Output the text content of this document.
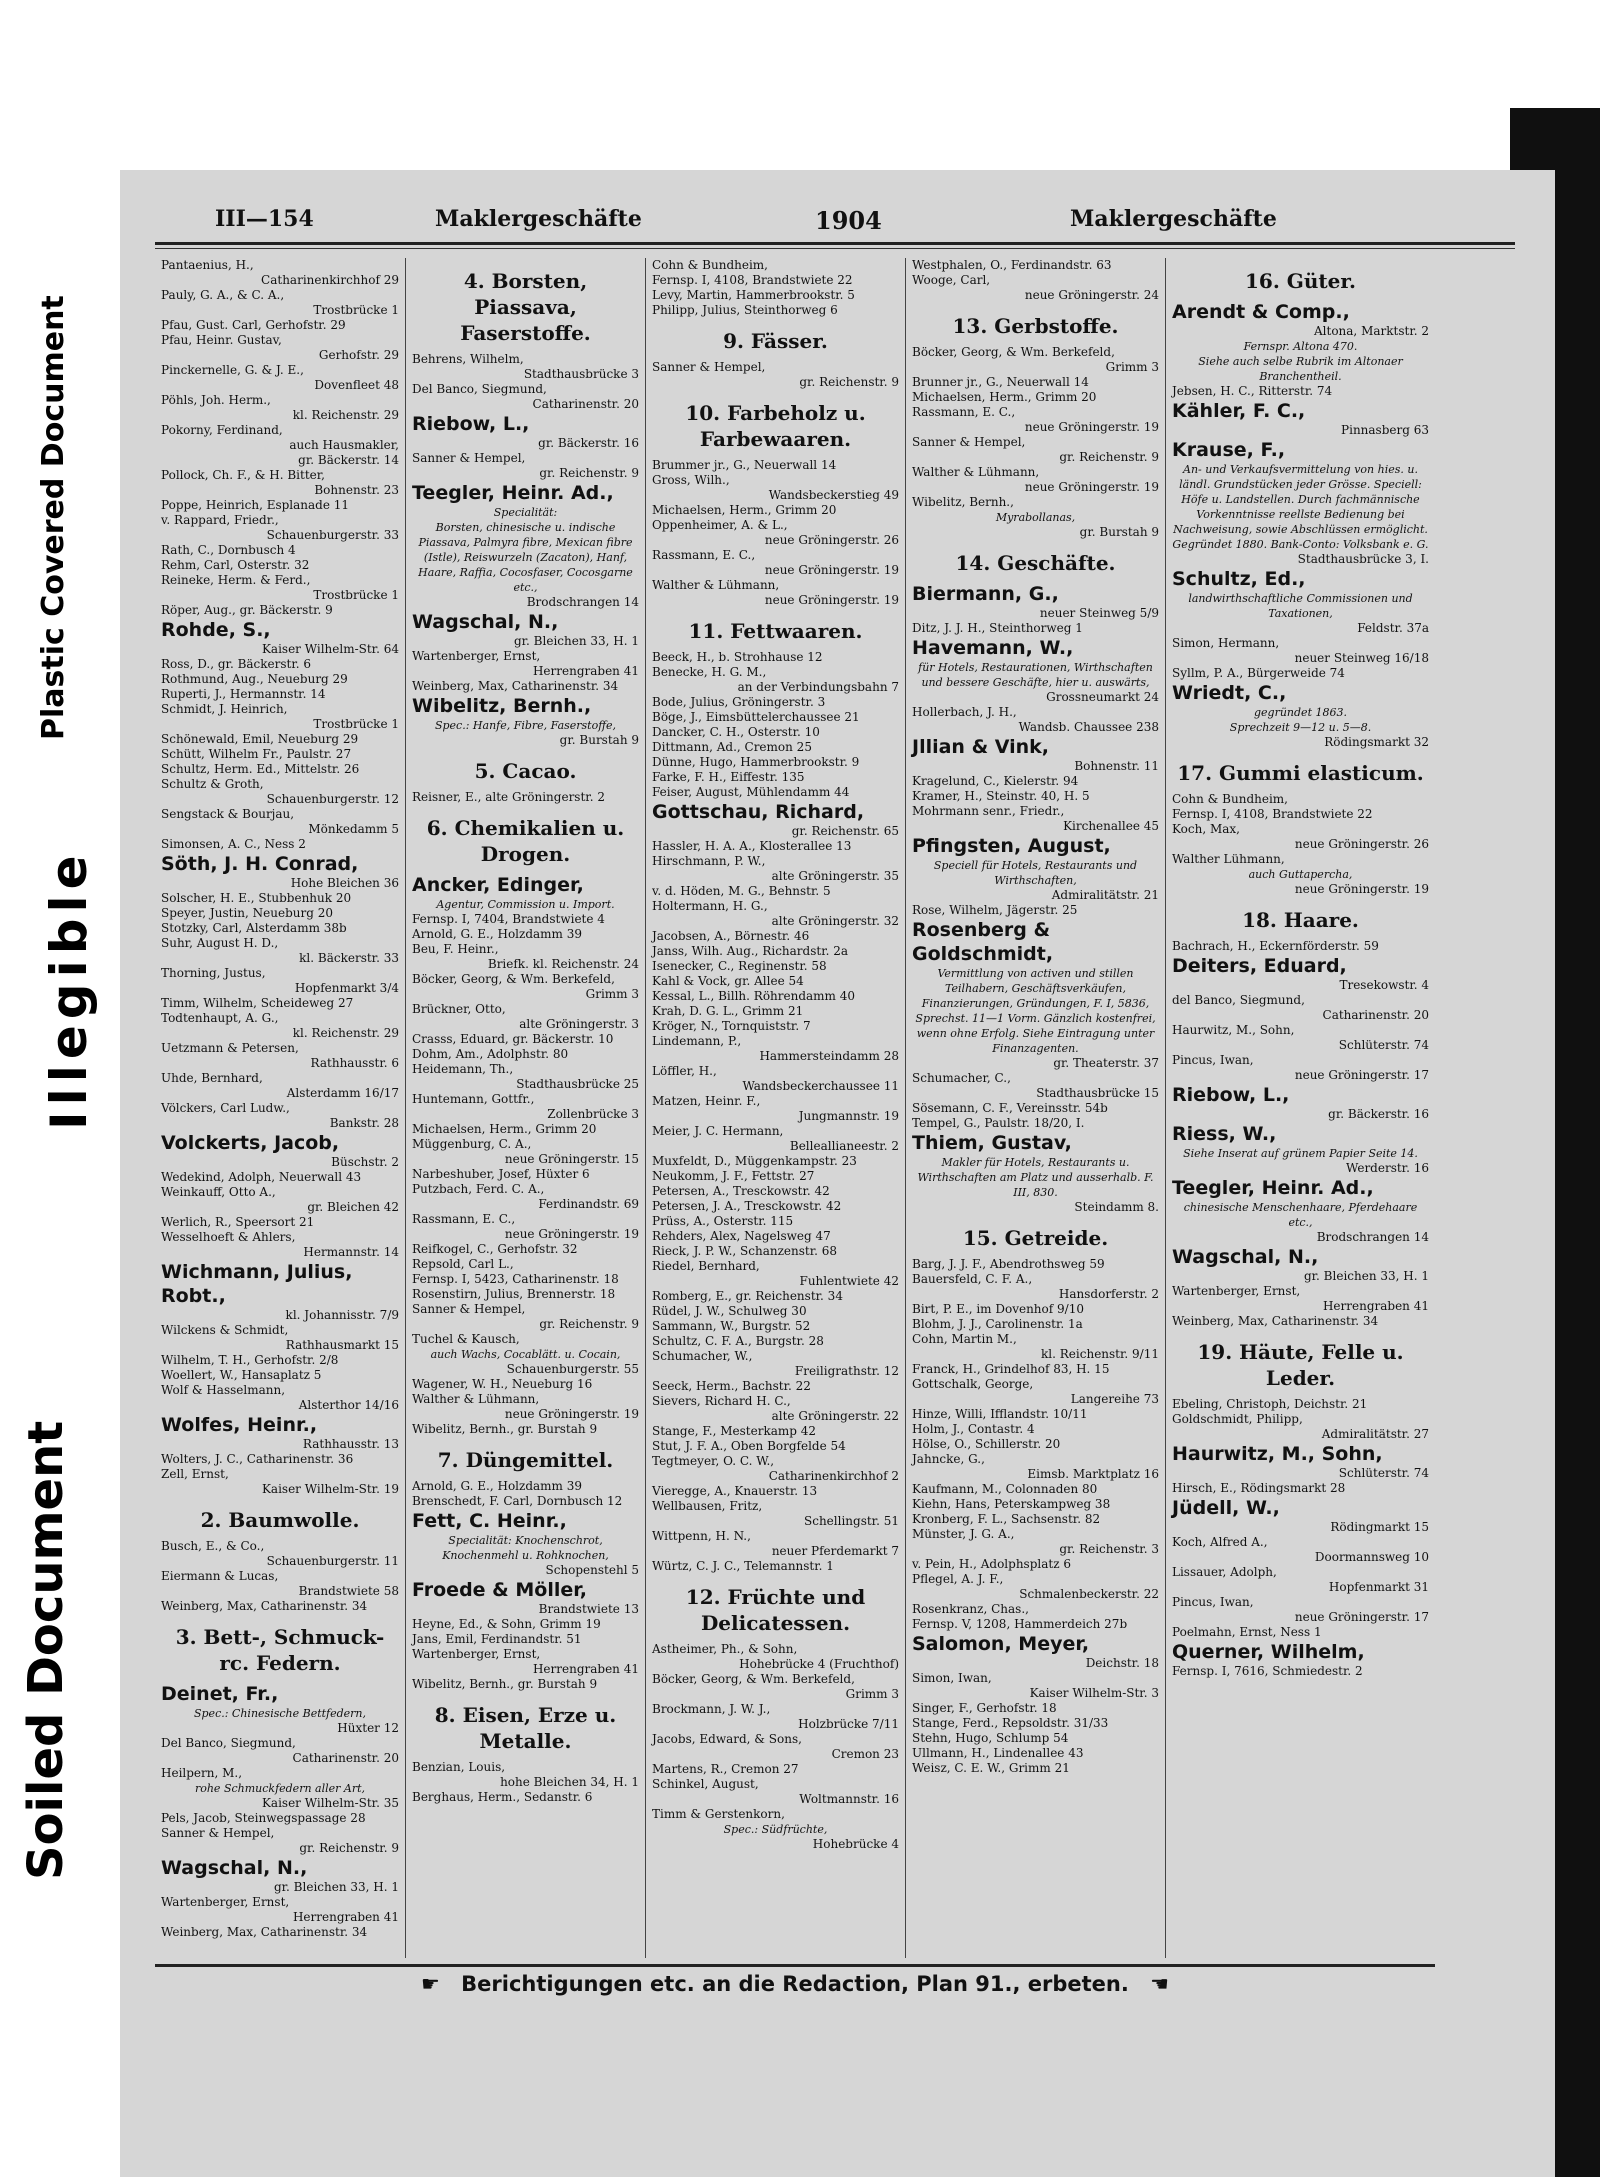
Illegible
Plastic Covered Document
Soiled Document
III—154	Maklergeschäfte	1904	Maklergeschäfte
Pantaenius, H.,
Catharinenkirchhof 29
Pauly, G. A., & C. A.,
Trostbrücke 1
Pfau, Gust. Carl, Gerhofstr. 29
Pfau, Heinr. Gustav,
Gerhofstr. 29
Pinckernelle, G. & J. E.,
Dovenfleet 48
Pöhls, Joh. Herm.,
kl. Reichenstr. 29
Pokorny, Ferdinand,
auch Hausmakler,
gr. Bäckerstr. 14
Pollock, Ch. F., & H. Bitter,
Bohnenstr. 23
Poppe, Heinrich, Esplanade 11
v. Rappard, Friedr.,
Schauenburgerstr. 33
Rath, C., Dornbusch 4
Rehm, Carl, Osterstr. 32
Reineke, Herm. & Ferd.,
Trostbrücke 1
Röper, Aug., gr. Bäckerstr. 9
Rohde, S.,
Kaiser Wilhelm-Str. 64
Ross, D., gr. Bäckerstr. 6
Rothmund, Aug., Neueburg 29
Ruperti, J., Hermannstr. 14
Schmidt, J. Heinrich,
Trostbrücke 1
Schönewald, Emil, Neueburg 29
Schütt, Wilhelm Fr., Paulstr. 27
Schultz, Herm. Ed., Mittelstr. 26
Schultz & Groth,
Schauenburgerstr. 12
Sengstack & Bourjau,
Mönkedamm 5
Simonsen, A. C., Ness 2
Söth, J. H. Conrad,
Hohe Bleichen 36
Solscher, H. E., Stubbenhuk 20
Speyer, Justin, Neueburg 20
Stotzky, Carl, Alsterdamm 38b
Suhr, August H. D.,
kl. Bäckerstr. 33
Thorning, Justus,
Hopfenmarkt 3/4
Timm, Wilhelm, Scheideweg 27
Todtenhaupt, A. G.,
kl. Reichenstr. 29
Uetzmann & Petersen,
Rathhausstr. 6
Uhde, Bernhard,
Alsterdamm 16/17
Völckers, Carl Ludw.,
Bankstr. 28
Volckerts, Jacob,
Büschstr. 2
Wedekind, Adolph, Neuerwall 43
Weinkauff, Otto A.,
gr. Bleichen 42
Werlich, R., Speersort 21
Wesselhoeft & Ahlers,
Hermannstr. 14
Wichmann, Julius,
Robt.,
kl. Johannisstr. 7/9
Wilckens & Schmidt,
Rathhausmarkt 15
Wilhelm, T. H., Gerhofstr. 2/8
Woellert, W., Hansaplatz 5
Wolf & Hasselmann,
Alsterthor 14/16
Wolfes, Heinr.,
Rathhausstr. 13
Wolters, J. C., Catharinenstr. 36
Zell, Ernst,
Kaiser Wilhelm-Str. 19
2. Baumwolle.
Busch, E., & Co.,
Schauenburgerstr. 11
Eiermann & Lucas,
Brandstwiete 58
Weinberg, Max, Catharinenstr. 34
3. Bett-, Schmuck- rc. Federn.
Deinet, Fr.,
Spec.: Chinesische Bettfedern,
Hüxter 12
Del Banco, Siegmund,
Catharinenstr. 20
Heilpern, M.,
rohe Schmuckfedern aller Art,
Kaiser Wilhelm-Str. 35
Pels, Jacob, Steinwegspassage 28
Sanner & Hempel,
gr. Reichenstr. 9
Wagschal, N.,
gr. Bleichen 33, H. 1
Wartenberger, Ernst,
Herrengraben 41
Weinberg, Max, Catharinenstr. 34
4. Borsten, Piassava, Faserstoffe.
Behrens, Wilhelm,
Stadthausbrücke 3
Del Banco, Siegmund,
Catharinenstr. 20
Riebow, L.,
gr. Bäckerstr. 16
Sanner & Hempel,
gr. Reichenstr. 9
Teegler, Heinr. Ad.,
Specialität:
Borsten, chinesische u. indische Piassava, Palmyra fibre, Mexican fibre (Istle), Reiswurzeln (Zacaton), Hanf, Haare, Raffia, Cocosfaser, Cocosgarne etc.,
Brodschrangen 14
Wagschal, N.,
gr. Bleichen 33, H. 1
Wartenberger, Ernst,
Herrengraben 41
Weinberg, Max, Catharinenstr. 34
Wibelitz, Bernh.,
Spec.: Hanfe, Fibre, Faserstoffe,
gr. Burstah 9
5. Cacao.
Reisner, E., alte Gröningerstr. 2
6. Chemikalien u. Drogen.
Ancker, Edinger,
Agentur, Commission u. Import.
Fernsp. I, 7404, Brandstwiete 4
Arnold, G. E., Holzdamm 39
Beu, F. Heinr.,
Briefk. kl. Reichenstr. 24
Böcker, Georg, & Wm. Berkefeld,
Grimm 3
Brückner, Otto,
alte Gröningerstr. 3
Crasss, Eduard, gr. Bäckerstr. 10
Dohm, Am., Adolphstr. 80
Heidemann, Th.,
Stadthausbrücke 25
Huntemann, Gottfr.,
Zollenbrücke 3
Michaelsen, Herm., Grimm 20
Müggenburg, C. A.,
neue Gröningerstr. 15
Narbeshuber, Josef, Hüxter 6
Putzbach, Ferd. C. A.,
Ferdinandstr. 69
Rassmann, E. C.,
neue Gröningerstr. 19
Reifkogel, C., Gerhofstr. 32
Repsold, Carl L.,
Fernsp. I, 5423, Catharinenstr. 18
Rosenstirn, Julius, Brennerstr. 18
Sanner & Hempel,
gr. Reichenstr. 9
Tuchel & Kausch,
auch Wachs, Cocablätt. u. Cocain,
Schauenburgerstr. 55
Wagener, W. H., Neueburg 16
Walther & Lühmann,
neue Gröningerstr. 19
Wibelitz, Bernh., gr. Burstah 9
7. Düngemittel.
Arnold, G. E., Holzdamm 39
Brenschedt, F. Carl, Dornbusch 12
Fett, C. Heinr.,
Specialität: Knochenschrot, Knochenmehl u. Rohknochen,
Schopenstehl 5
Froede & Möller,
Brandstwiete 13
Heyne, Ed., & Sohn, Grimm 19
Jans, Emil, Ferdinandstr. 51
Wartenberger, Ernst,
Herrengraben 41
Wibelitz, Bernh., gr. Burstah 9
8. Eisen, Erze u. Metalle.
Benzian, Louis,
hohe Bleichen 34, H. 1
Berghaus, Herm., Sedanstr. 6
Cohn & Bundheim,
Fernsp. I, 4108, Brandstwiete 22
Levy, Martin, Hammerbrookstr. 5
Philipp, Julius, Steinthorweg 6
9. Fässer.
Sanner & Hempel,
gr. Reichenstr. 9
10. Farbeholz u. Farbewaaren.
Brummer jr., G., Neuerwall 14
Gross, Wilh.,
Wandsbeckerstieg 49
Michaelsen, Herm., Grimm 20
Oppenheimer, A. & L.,
neue Gröningerstr. 26
Rassmann, E. C.,
neue Gröningerstr. 19
Walther & Lühmann,
neue Gröningerstr. 19
11. Fettwaaren.
Beeck, H., b. Strohhause 12
Benecke, H. G. M.,
an der Verbindungsbahn 7
Bode, Julius, Gröningerstr. 3
Böge, J., Eimsbüttelerchaussee 21
Dancker, C. H., Osterstr. 10
Dittmann, Ad., Cremon 25
Dünne, Hugo, Hammerbrookstr. 9
Farke, F. H., Eiffestr. 135
Feiser, August, Mühlendamm 44
Gottschau, Richard,
gr. Reichenstr. 65
Hassler, H. A. A., Klosterallee 13
Hirschmann, P. W.,
alte Gröningerstr. 35
v. d. Höden, M. G., Behnstr. 5
Holtermann, H. G.,
alte Gröningerstr. 32
Jacobsen, A., Börnestr. 46
Janss, Wilh. Aug., Richardstr. 2a
Isenecker, C., Reginenstr. 58
Kahl & Vock, gr. Allee 54
Kessal, L., Billh. Röhrendamm 40
Krah, D. G. L., Grimm 21
Kröger, N., Tornquiststr. 7
Lindemann, P.,
Hammersteindamm 28
Löffler, H.,
Wandsbeckerchaussee 11
Matzen, Heinr. F.,
Jungmannstr. 19
Meier, J. C. Hermann,
Belleallianeestr. 2
Muxfeldt, D., Müggenkampstr. 23
Neukomm, J. F., Fettstr. 27
Petersen, A., Tresckowstr. 42
Petersen, J. A., Tresckowstr. 42
Prüss, A., Osterstr. 115
Rehders, Alex, Nagelsweg 47
Rieck, J. P. W., Schanzenstr. 68
Riedel, Bernhard,
Fuhlentwiete 42
Romberg, E., gr. Reichenstr. 34
Rüdel, J. W., Schulweg 30
Sammann, W., Burgstr. 52
Schultz, C. F. A., Burgstr. 28
Schumacher, W.,
Freiligrathstr. 12
Seeck, Herm., Bachstr. 22
Sievers, Richard H. C.,
alte Gröningerstr. 22
Stange, F., Mesterkamp 42
Stut, J. F. A., Oben Borgfelde 54
Tegtmeyer, O. C. W.,
Catharinenkirchhof 2
Vieregge, A., Knauerstr. 13
Wellbausen, Fritz,
Schellingstr. 51
Wittpenn, H. N.,
neuer Pferdemarkt 7
Würtz, C. J. C., Telemannstr. 1
12. Früchte und Delicatessen.
Astheimer, Ph., & Sohn,
Hohebrücke 4 (Fruchthof)
Böcker, Georg, & Wm. Berkefeld,
Grimm 3
Brockmann, J. W. J.,
Holzbrücke 7/11
Jacobs, Edward, & Sons,
Cremon 23
Martens, R., Cremon 27
Schinkel, August,
Woltmannstr. 16
Timm & Gerstenkorn,
Spec.: Südfrüchte,
Hohebrücke 4
Westphalen, O., Ferdinandstr. 63
Wooge, Carl,
neue Gröningerstr. 24
13. Gerbstoffe.
Böcker, Georg, & Wm. Berkefeld,
Grimm 3
Brunner jr., G., Neuerwall 14
Michaelsen, Herm., Grimm 20
Rassmann, E. C.,
neue Gröningerstr. 19
Sanner & Hempel,
gr. Reichenstr. 9
Walther & Lühmann,
neue Gröningerstr. 19
Wibelitz, Bernh.,
Myrabollanas,
gr. Burstah 9
14. Geschäfte.
Biermann, G.,
neuer Steinweg 5/9
Ditz, J. J. H., Steinthorweg 1
Havemann, W.,
für Hotels, Restaurationen, Wirthschaften und bessere Geschäfte, hier u. auswärts,
Grossneumarkt 24
Hollerbach, J. H.,
Wandsb. Chaussee 238
Jllian & Vink,
Bohnenstr. 11
Kragelund, C., Kielerstr. 94
Kramer, H., Steinstr. 40, H. 5
Mohrmann senr., Friedr.,
Kirchenallee 45
Pfingsten, August,
Speciell für Hotels, Restaurants und Wirthschaften,
Admiralitätstr. 21
Rose, Wilhelm, Jägerstr. 25
Rosenberg & Goldschmidt,
Vermittlung von activen und stillen Teilhabern, Geschäftsverkäufen, Finanzierungen, Gründungen, F. I, 5836, Sprechst. 11—1 Vorm. Gänzlich kostenfrei, wenn ohne Erfolg. Siehe Eintragung unter Finanzagenten.
gr. Theaterstr. 37
Schumacher, C.,
Stadthausbrücke 15
Sösemann, C. F., Vereinsstr. 54b
Tempel, G., Paulstr. 18/20, I.
Thiem, Gustav,
Makler für Hotels, Restaurants u. Wirthschaften am Platz und ausserhalb. F. III, 830.
Steindamm 8.
15. Getreide.
Barg, J. J. F., Abendrothsweg 59
Bauersfeld, C. F. A.,
Hansdorferstr. 2
Birt, P. E., im Dovenhof 9/10
Blohm, J. J., Carolinenstr. 1a
Cohn, Martin M.,
kl. Reichenstr. 9/11
Franck, H., Grindelhof 83, H. 15
Gottschalk, George,
Langereihe 73
Hinze, Willi, Ifflandstr. 10/11
Holm, J., Contastr. 4
Hölse, O., Schillerstr. 20
Jahncke, G.,
Eimsb. Marktplatz 16
Kaufmann, M., Colonnaden 80
Kiehn, Hans, Peterskampweg 38
Kronberg, F. L., Sachsenstr. 82
Münster, J. G. A.,
gr. Reichenstr. 3
v. Pein, H., Adolphsplatz 6
Pflegel, A. J. F.,
Schmalenbeckerstr. 22
Rosenkranz, Chas.,
Fernsp. V, 1208, Hammerdeich 27b
Salomon, Meyer,
Deichstr. 18
Simon, Iwan,
Kaiser Wilhelm-Str. 3
Singer, F., Gerhofstr. 18
Stange, Ferd., Repsoldstr. 31/33
Stehn, Hugo, Schlump 54
Ullmann, H., Lindenallee 43
Weisz, C. E. W., Grimm 21
16. Güter.
Arendt & Comp.,
Altona, Marktstr. 2
Fernspr. Altona 470.
Siehe auch selbe Rubrik im Altonaer Branchentheil.
Jebsen, H. C., Ritterstr. 74
Kähler, F. C.,
Pinnasberg 63
Krause, F.,
An- und Verkaufsvermittelung von hies. u. ländl. Grundstücken jeder Grösse. Speciell: Höfe u. Landstellen. Durch fachmännische Vorkenntnisse reellste Bedienung bei Nachweisung, sowie Abschlüssen ermöglicht. Gegründet 1880. Bank-Conto: Volksbank e. G.
Stadthausbrücke 3, I.
Schultz, Ed.,
landwirthschaftliche Commissionen und Taxationen,
Feldstr. 37a
Simon, Hermann,
neuer Steinweg 16/18
Syllm, P. A., Bürgerweide 74
Wriedt, C.,
gegründet 1863.
Sprechzeit 9—12 u. 5—8.
Rödingsmarkt 32
17. Gummi elasticum.
Cohn & Bundheim,
Fernsp. I, 4108, Brandstwiete 22
Koch, Max,
neue Gröningerstr. 26
Walther Lühmann,
auch Guttapercha,
neue Gröningerstr. 19
18. Haare.
Bachrach, H., Eckernförderstr. 59
Deiters, Eduard,
Tresekowstr. 4
del Banco, Siegmund,
Catharinenstr. 20
Haurwitz, M., Sohn,
Schlüterstr. 74
Pincus, Iwan,
neue Gröningerstr. 17
Riebow, L.,
gr. Bäckerstr. 16
Riess, W.,
Siehe Inserat auf grünem Papier Seite 14.
Werderstr. 16
Teegler, Heinr. Ad.,
chinesische Menschenhaare, Pferdehaare etc.,
Brodschrangen 14
Wagschal, N.,
gr. Bleichen 33, H. 1
Wartenberger, Ernst,
Herrengraben 41
Weinberg, Max, Catharinenstr. 34
19. Häute, Felle u. Leder.
Ebeling, Christoph, Deichstr. 21
Goldschmidt, Philipp,
Admiralitätstr. 27
Haurwitz, M., Sohn,
Schlüterstr. 74
Hirsch, E., Rödingsmarkt 28
Jüdell, W.,
Rödingmarkt 15
Koch, Alfred A.,
Doormannsweg 10
Lissauer, Adolph,
Hopfenmarkt 31
Pincus, Iwan,
neue Gröningerstr. 17
Poelmahn, Ernst, Ness 1
Querner, Wilhelm,
Fernsp. I, 7616, Schmiedestr. 2
☛ Berichtigungen etc. an die Redaction, Plan 91., erbeten. ☚
